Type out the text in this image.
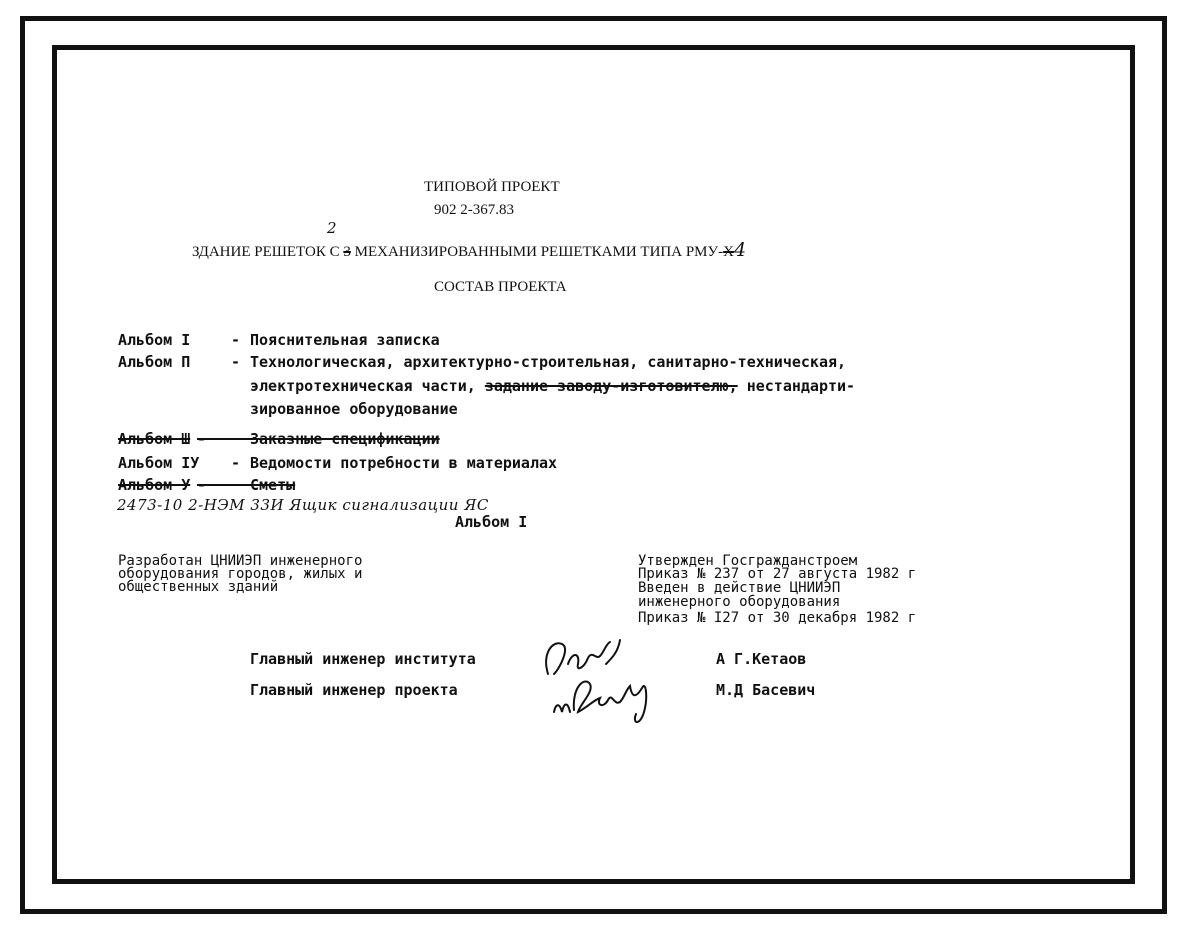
ТИПОВОЙ ПРОЕКТ
902 2-367.83
2
ЗДАНИЕ РЕШЕТОК С 3 МЕХАНИЗИРОВАННЫМИ РЕШЕТКАМИ ТИПА РМУ-X4
СОСТАВ ПРОЕКТА
Альбом I	- Пояснительная записка
Альбом П	- Технологическая, архитектурно-строительная, санитарно-техническая,
электротехническая части, задание заводу-изготовителю, нестандарти-
зированное оборудование
Альбом Ш -	Заказные спецификации
Альбом IУ - Ведомости потребности в материалах
Альбом У -	Сметы
2473-10 2-НЭМ 33И Ящик сигнализации ЯС
Альбом I
Разработан ЦНИИЭП инженерного
оборудования городов, жилых и
общественных зданий
Утвержден Госгражданстроем
Приказ № 237 от 27 августа 1982 г
Введен в действие ЦНИИЭП
инженерного оборудования
Приказ № I27 от 30 декабря 1982 г
Главный инженер института	А Г.Кетаов
Главный инженер проекта	М.Д Басевич
